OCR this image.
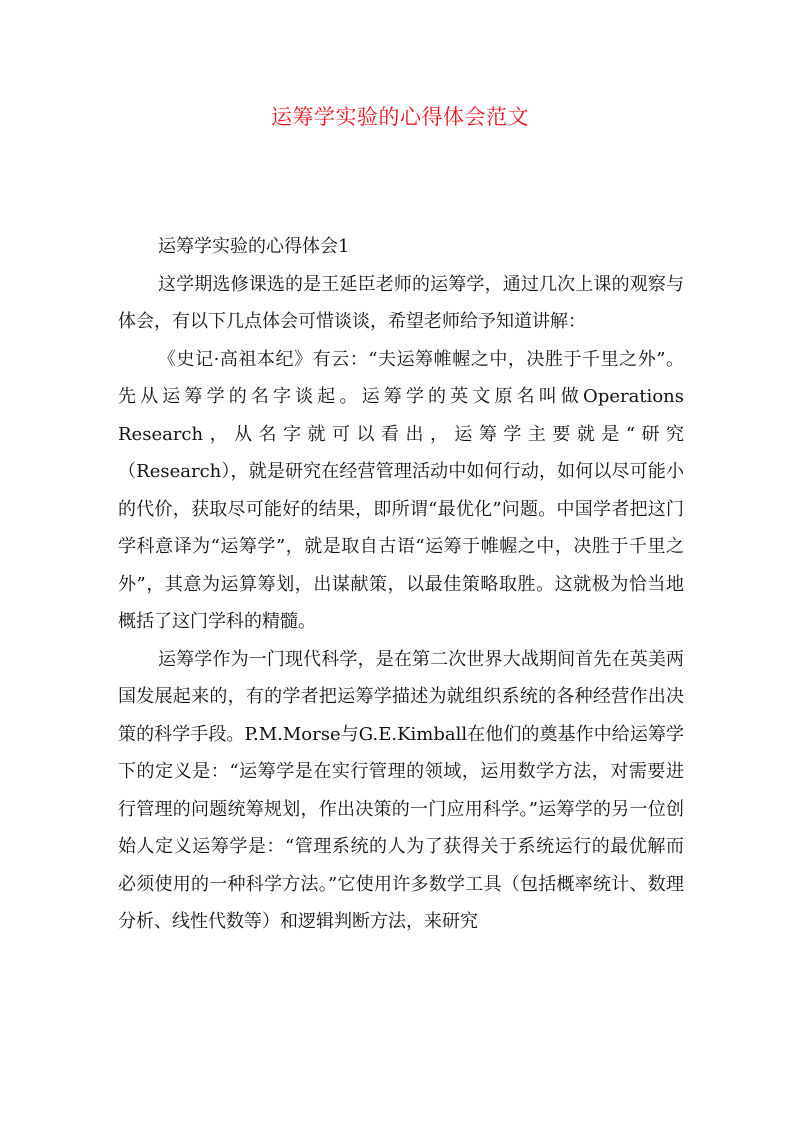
运筹学实验的心得体会范文

运筹学实验的心得体会1

这学期选修课选的是王延臣老师的运筹学，通过几次上课的观察与体会，有以下几点体会可惜谈谈，希望老师给予知道讲解：

《史记·高祖本纪》有云：“夫运筹帷幄之中，决胜于千里之外”。先从运筹学的名字谈起。运筹学的英文原名叫做Operations Research，从名字就可以看出，运筹学主要就是“研究（Research），就是研究在经营管理活动中如何行动，如何以尽可能小的代价，获取尽可能好的结果，即所谓“最优化”问题。中国学者把这门学科意译为“运筹学”，就是取自古语“运筹于帷幄之中，决胜于千里之外”，其意为运算筹划，出谋献策，以最佳策略取胜。这就极为恰当地概括了这门学科的精髓。

运筹学作为一门现代科学，是在第二次世界大战期间首先在英美两国发展起来的，有的学者把运筹学描述为就组织系统的各种经营作出决策的科学手段。P.M.Morse与G.E.Kimball在他们的奠基作中给运筹学下的定义是：“运筹学是在实行管理的领域，运用数学方法，对需要进行管理的问题统筹规划，作出决策的一门应用科学。”运筹学的另一位创始人定义运筹学是：“管理系统的人为了获得关于系统运行的最优解而必须使用的一种科学方法。”它使用许多数学工具（包括概率统计、数理分析、线性代数等）和逻辑判断方法，来研究
